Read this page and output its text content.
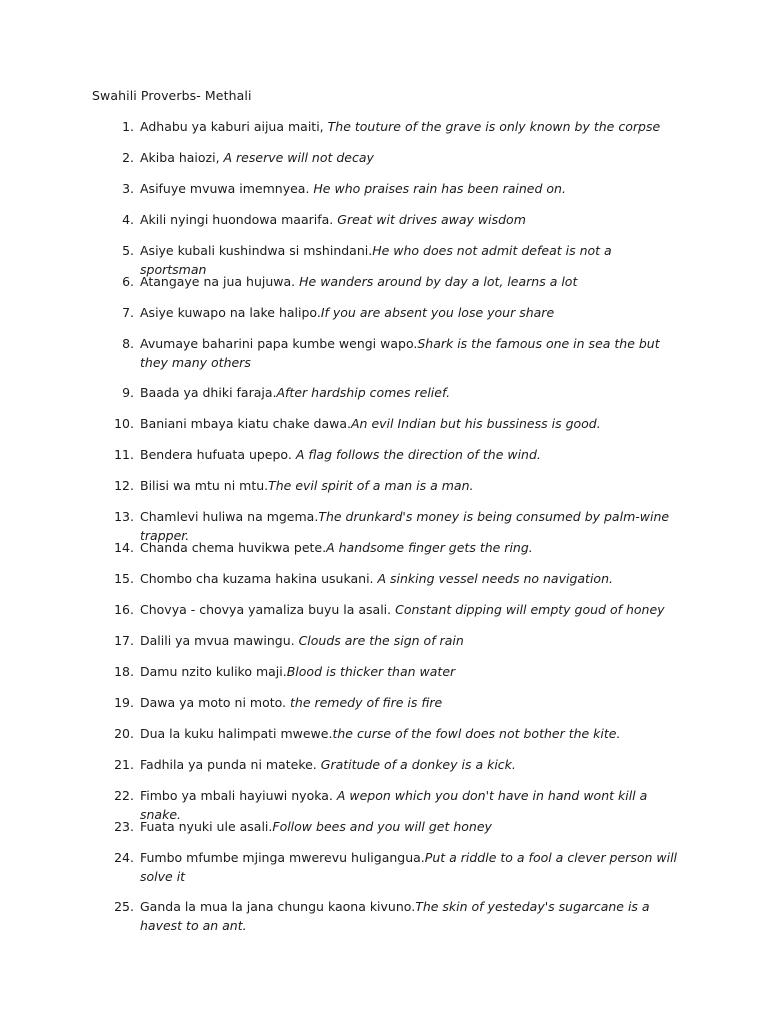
Swahili Proverbs- Methali
1. Adhabu ya kaburi aijua maiti, The touture of the grave is only known by the corpse
2. Akiba haiozi, A reserve will not decay
3. Asifuye mvuwa imemnyea. He who praises rain has been rained on.
4. Akili nyingi huondowa maarifa. Great wit drives away wisdom
5. Asiye kubali kushindwa si mshindani.He who does not admit defeat is not a sportsman
6. Atangaye na jua hujuwa. He wanders around by day a lot, learns a lot
7. Asiye kuwapo na lake halipo.If you are absent you lose your share
8. Avumaye baharini papa kumbe wengi wapo.Shark is the famous one in sea the but they many others
9. Baada ya dhiki faraja.After hardship comes relief.
10. Baniani mbaya kiatu chake dawa.An evil Indian but his bussiness is good.
11. Bendera hufuata upepo. A flag follows the direction of the wind.
12. Bilisi wa mtu ni mtu.The evil spirit of a man is a man.
13. Chamlevi huliwa na mgema.The drunkard's money is being consumed by palm-wine trapper.
14. Chanda chema huvikwa pete.A handsome finger gets the ring.
15. Chombo cha kuzama hakina usukani. A sinking vessel needs no navigation.
16. Chovya - chovya yamaliza buyu la asali. Constant dipping will empty goud of honey
17. Dalili ya mvua mawingu. Clouds are the sign of rain
18. Damu nzito kuliko maji.Blood is thicker than water
19. Dawa ya moto ni moto. the remedy of fire is fire
20. Dua la kuku halimpati mwewe.the curse of the fowl does not bother the kite.
21. Fadhila ya punda ni mateke. Gratitude of a donkey is a kick.
22. Fimbo ya mbali hayiuwi nyoka. A wepon which you don't have in hand wont kill a snake.
23. Fuata nyuki ule asali.Follow bees and you will get honey
24. Fumbo mfumbe mjinga mwerevu huligangua.Put a riddle to a fool a clever person will solve it
25. Ganda la mua la jana chungu kaona kivuno.The skin of yesteday's sugarcane is a havest to an ant.
